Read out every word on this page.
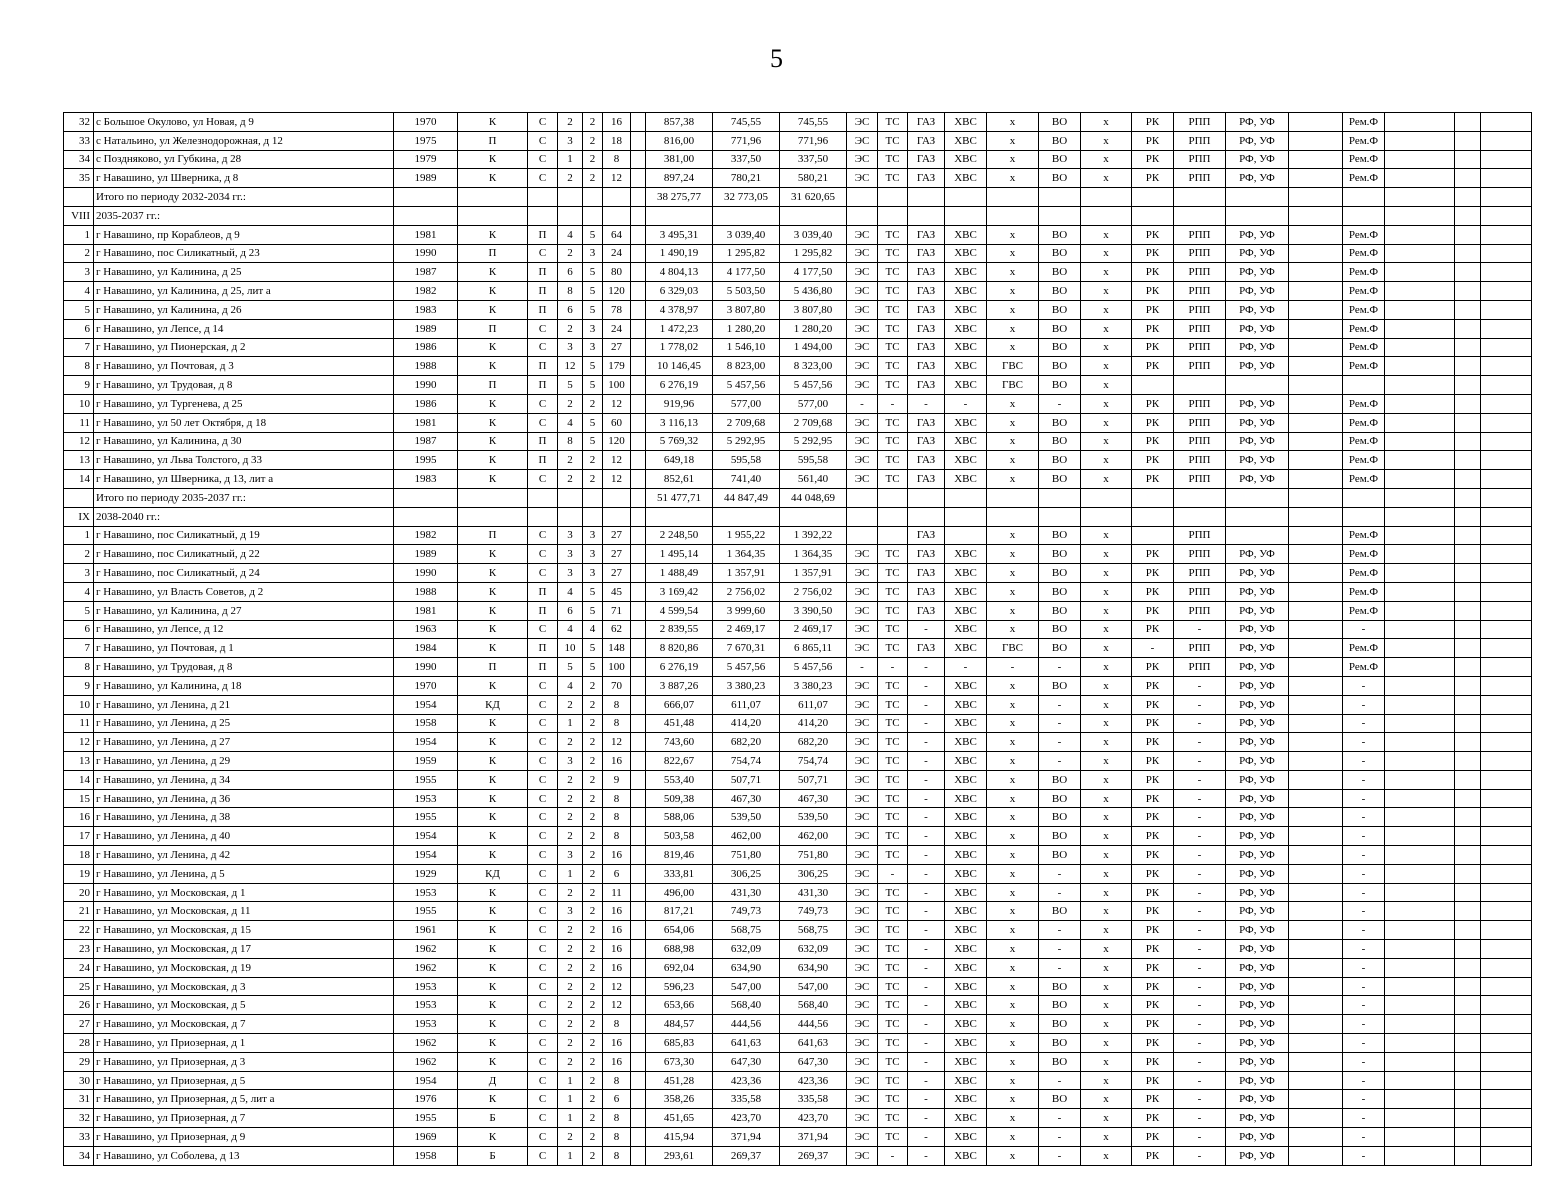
5
32	с Большое Окулово, ул Новая, д 9	1970	К	С	2	2	16		857,38	745,55	745,55	ЭС	ТС	ГАЗ	ХВС	х	ВО	х	РК	РПП	РФ, УФ		Рем.Ф			
33	с Натальино, ул Железнодорожная, д 12	1975	П	С	3	2	18		816,00	771,96	771,96	ЭС	ТС	ГАЗ	ХВС	х	ВО	х	РК	РПП	РФ, УФ		Рем.Ф			
34	с Поздняково, ул Губкина, д 28	1979	К	С	1	2	8		381,00	337,50	337,50	ЭС	ТС	ГАЗ	ХВС	х	ВО	х	РК	РПП	РФ, УФ		Рем.Ф			
35	г Навашино, ул Шверника, д 8	1989	К	С	2	2	12		897,24	780,21	580,21	ЭС	ТС	ГАЗ	ХВС	х	ВО	х	РК	РПП	РФ, УФ		Рем.Ф			
	Итого по периоду 2032-2034 гг.:								38 275,77	32 773,05	31 620,65															
VIII	2035-2037 гг.:																									
1	г Навашино, пр Кораблеов, д 9	1981	К	П	4	5	64		3 495,31	3 039,40	3 039,40	ЭС	ТС	ГАЗ	ХВС	х	ВО	х	РК	РПП	РФ, УФ		Рем.Ф			
2	г Навашино, пос Силикатный, д 23	1990	П	С	2	3	24		1 490,19	1 295,82	1 295,82	ЭС	ТС	ГАЗ	ХВС	х	ВО	х	РК	РПП	РФ, УФ		Рем.Ф			
3	г Навашино, ул Калинина, д 25	1987	К	П	6	5	80		4 804,13	4 177,50	4 177,50	ЭС	ТС	ГАЗ	ХВС	х	ВО	х	РК	РПП	РФ, УФ		Рем.Ф			
4	г Навашино, ул Калинина, д 25, лит а	1982	К	П	8	5	120		6 329,03	5 503,50	5 436,80	ЭС	ТС	ГАЗ	ХВС	х	ВО	х	РК	РПП	РФ, УФ		Рем.Ф			
5	г Навашино, ул Калинина, д 26	1983	К	П	6	5	78		4 378,97	3 807,80	3 807,80	ЭС	ТС	ГАЗ	ХВС	х	ВО	х	РК	РПП	РФ, УФ		Рем.Ф			
6	г Навашино, ул Лепсе, д 14	1989	П	С	2	3	24		1 472,23	1 280,20	1 280,20	ЭС	ТС	ГАЗ	ХВС	х	ВО	х	РК	РПП	РФ, УФ		Рем.Ф			
7	г Навашино, ул Пионерская, д 2	1986	К	С	3	3	27		1 778,02	1 546,10	1 494,00	ЭС	ТС	ГАЗ	ХВС	х	ВО	х	РК	РПП	РФ, УФ		Рем.Ф			
8	г Навашино, ул Почтовая, д 3	1988	К	П	12	5	179		10 146,45	8 823,00	8 323,00	ЭС	ТС	ГАЗ	ХВС	ГВС	ВО	х	РК	РПП	РФ, УФ		Рем.Ф			
9	г Навашино, ул Трудовая, д 8	1990	П	П	5	5	100		6 276,19	5 457,56	5 457,56	ЭС	ТС	ГАЗ	ХВС	ГВС	ВО	х								
10	г Навашино, ул Тургенева, д 25	1986	К	С	2	2	12		919,96	577,00	577,00	-	-	-	-	х	-	х	РК	РПП	РФ, УФ		Рем.Ф			
11	г Навашино, ул 50 лет Октября, д 18	1981	К	С	4	5	60		3 116,13	2 709,68	2 709,68	ЭС	ТС	ГАЗ	ХВС	х	ВО	х	РК	РПП	РФ, УФ		Рем.Ф			
12	г Навашино, ул Калинина, д 30	1987	К	П	8	5	120		5 769,32	5 292,95	5 292,95	ЭС	ТС	ГАЗ	ХВС	х	ВО	х	РК	РПП	РФ, УФ		Рем.Ф			
13	г Навашино, ул Льва Толстого, д 33	1995	К	П	2	2	12		649,18	595,58	595,58	ЭС	ТС	ГАЗ	ХВС	х	ВО	х	РК	РПП	РФ, УФ		Рем.Ф			
14	г Навашино, ул Шверника, д 13, лит а	1983	К	С	2	2	12		852,61	741,40	561,40	ЭС	ТС	ГАЗ	ХВС	х	ВО	х	РК	РПП	РФ, УФ		Рем.Ф			
	Итого по периоду 2035-2037 гг.:								51 477,71	44 847,49	44 048,69															
IX	2038-2040 гг.:																									
1	г Навашино, пос Силикатный, д 19	1982	П	С	3	3	27		2 248,50	1 955,22	1 392,22			ГАЗ		х	ВО	х		РПП			Рем.Ф			
2	г Навашино, пос Силикатный, д 22	1989	К	С	3	3	27		1 495,14	1 364,35	1 364,35	ЭС	ТС	ГАЗ	ХВС	х	ВО	х	РК	РПП	РФ, УФ		Рем.Ф			
3	г Навашино, пос Силикатный, д 24	1990	К	С	3	3	27		1 488,49	1 357,91	1 357,91	ЭС	ТС	ГАЗ	ХВС	х	ВО	х	РК	РПП	РФ, УФ		Рем.Ф			
4	г Навашино, ул Власть Советов, д 2	1988	К	П	4	5	45		3 169,42	2 756,02	2 756,02	ЭС	ТС	ГАЗ	ХВС	х	ВО	х	РК	РПП	РФ, УФ		Рем.Ф			
5	г Навашино, ул Калинина, д 27	1981	К	П	6	5	71		4 599,54	3 999,60	3 390,50	ЭС	ТС	ГАЗ	ХВС	х	ВО	х	РК	РПП	РФ, УФ		Рем.Ф			
6	г Навашино, ул Лепсе, д 12	1963	К	С	4	4	62		2 839,55	2 469,17	2 469,17	ЭС	ТС	-	ХВС	х	ВО	х	РК	-	РФ, УФ		-			
7	г Навашино, ул Почтовая, д 1	1984	К	П	10	5	148		8 820,86	7 670,31	6 865,11	ЭС	ТС	ГАЗ	ХВС	ГВС	ВО	х	-	РПП	РФ, УФ		Рем.Ф			
8	г Навашино, ул Трудовая, д 8	1990	П	П	5	5	100		6 276,19	5 457,56	5 457,56	-	-	-	-	-	-	х	РК	РПП	РФ, УФ		Рем.Ф			
9	г Навашино, ул Калинина, д 18	1970	К	С	4	2	70		3 887,26	3 380,23	3 380,23	ЭС	ТС	-	ХВС	х	ВО	х	РК	-	РФ, УФ		-			
10	г Навашино, ул Ленина, д 21	1954	КД	С	2	2	8		666,07	611,07	611,07	ЭС	ТС	-	ХВС	х	-	х	РК	-	РФ, УФ		-			
11	г Навашино, ул Ленина, д 25	1958	К	С	1	2	8		451,48	414,20	414,20	ЭС	ТС	-	ХВС	х	-	х	РК	-	РФ, УФ		-			
12	г Навашино, ул Ленина, д 27	1954	К	С	2	2	12		743,60	682,20	682,20	ЭС	ТС	-	ХВС	х	-	х	РК	-	РФ, УФ		-			
13	г Навашино, ул Ленина, д 29	1959	К	С	3	2	16		822,67	754,74	754,74	ЭС	ТС	-	ХВС	х	-	х	РК	-	РФ, УФ		-			
14	г Навашино, ул Ленина, д 34	1955	К	С	2	2	9		553,40	507,71	507,71	ЭС	ТС	-	ХВС	х	ВО	х	РК	-	РФ, УФ		-			
15	г Навашино, ул Ленина, д 36	1953	К	С	2	2	8		509,38	467,30	467,30	ЭС	ТС	-	ХВС	х	ВО	х	РК	-	РФ, УФ		-			
16	г Навашино, ул Ленина, д 38	1955	К	С	2	2	8		588,06	539,50	539,50	ЭС	ТС	-	ХВС	х	ВО	х	РК	-	РФ, УФ		-			
17	г Навашино, ул Ленина, д 40	1954	К	С	2	2	8		503,58	462,00	462,00	ЭС	ТС	-	ХВС	х	ВО	х	РК	-	РФ, УФ		-			
18	г Навашино, ул Ленина, д 42	1954	К	С	3	2	16		819,46	751,80	751,80	ЭС	ТС	-	ХВС	х	ВО	х	РК	-	РФ, УФ		-			
19	г Навашино, ул Ленина, д 5	1929	КД	С	1	2	6		333,81	306,25	306,25	ЭС	-	-	ХВС	х	-	х	РК	-	РФ, УФ		-			
20	г Навашино, ул Московская, д 1	1953	К	С	2	2	11		496,00	431,30	431,30	ЭС	ТС	-	ХВС	х	-	х	РК	-	РФ, УФ		-			
21	г Навашино, ул Московская, д 11	1955	К	С	3	2	16		817,21	749,73	749,73	ЭС	ТС	-	ХВС	х	ВО	х	РК	-	РФ, УФ		-			
22	г Навашино, ул Московская, д 15	1961	К	С	2	2	16		654,06	568,75	568,75	ЭС	ТС	-	ХВС	х	-	х	РК	-	РФ, УФ		-			
23	г Навашино, ул Московская, д 17	1962	К	С	2	2	16		688,98	632,09	632,09	ЭС	ТС	-	ХВС	х	-	х	РК	-	РФ, УФ		-			
24	г Навашино, ул Московская, д 19	1962	К	С	2	2	16		692,04	634,90	634,90	ЭС	ТС	-	ХВС	х	-	х	РК	-	РФ, УФ		-			
25	г Навашино, ул Московская, д 3	1953	К	С	2	2	12		596,23	547,00	547,00	ЭС	ТС	-	ХВС	х	ВО	х	РК	-	РФ, УФ		-			
26	г Навашино, ул Московская, д 5	1953	К	С	2	2	12		653,66	568,40	568,40	ЭС	ТС	-	ХВС	х	ВО	х	РК	-	РФ, УФ		-			
27	г Навашино, ул Московская, д 7	1953	К	С	2	2	8		484,57	444,56	444,56	ЭС	ТС	-	ХВС	х	ВО	х	РК	-	РФ, УФ		-			
28	г Навашино, ул Приозерная, д 1	1962	К	С	2	2	16		685,83	641,63	641,63	ЭС	ТС	-	ХВС	х	ВО	х	РК	-	РФ, УФ		-			
29	г Навашино, ул Приозерная, д 3	1962	К	С	2	2	16		673,30	647,30	647,30	ЭС	ТС	-	ХВС	х	ВО	х	РК	-	РФ, УФ		-			
30	г Навашино, ул Приозерная, д 5	1954	Д	С	1	2	8		451,28	423,36	423,36	ЭС	ТС	-	ХВС	х	-	х	РК	-	РФ, УФ		-			
31	г Навашино, ул Приозерная, д 5, лит а	1976	К	С	1	2	6		358,26	335,58	335,58	ЭС	ТС	-	ХВС	х	ВО	х	РК	-	РФ, УФ		-			
32	г Навашино, ул Приозерная, д 7	1955	Б	С	1	2	8		451,65	423,70	423,70	ЭС	ТС	-	ХВС	х	-	х	РК	-	РФ, УФ		-			
33	г Навашино, ул Приозерная, д 9	1969	К	С	2	2	8		415,94	371,94	371,94	ЭС	ТС	-	ХВС	х	-	х	РК	-	РФ, УФ		-			
34	г Навашино, ул Соболева, д 13	1958	Б	С	1	2	8		293,61	269,37	269,37	ЭС	-	-	ХВС	х	-	х	РК	-	РФ, УФ		-			
